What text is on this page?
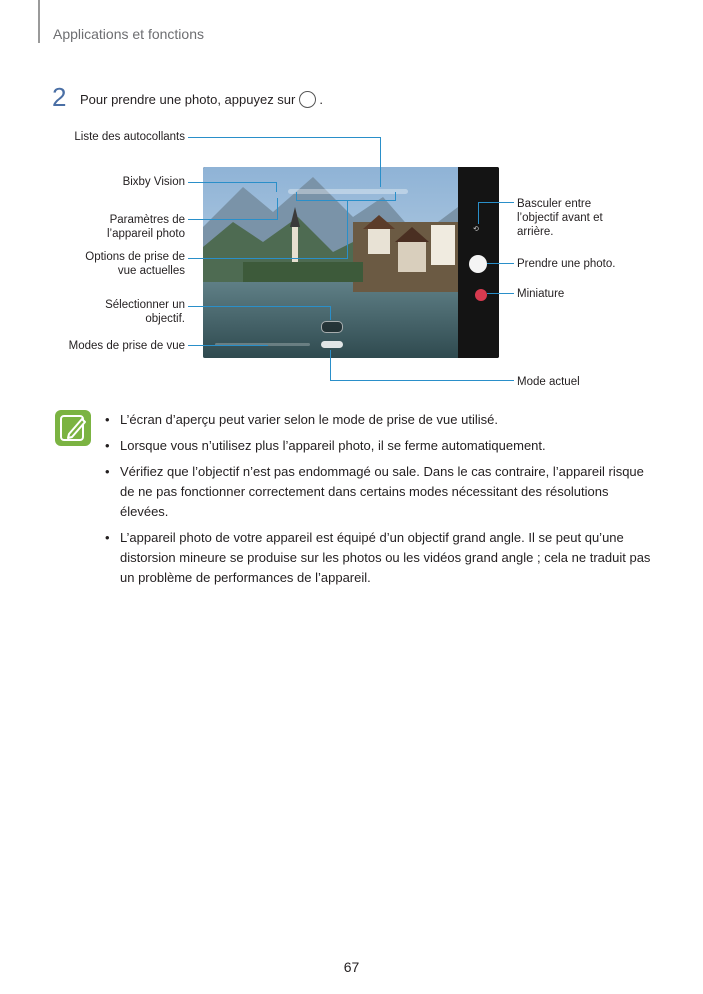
Applications et fonctions
2 Pour prendre une photo, appuyez sur .
⟲
Liste des autocollants
Bixby Vision
Paramètres de
l’appareil photo
Options de prise de
vue actuelles
Sélectionner un
objectif.
Modes de prise de vue
Basculer entre
l’objectif avant et
arrière.
Prendre une photo.
Miniature
Mode actuel
• L’écran d’aperçu peut varier selon le mode de prise de vue utilisé.
• Lorsque vous n’utilisez plus l’appareil photo, il se ferme automatiquement.
• Vérifiez que l’objectif n’est pas endommagé ou sale. Dans le cas contraire, l’appareil risque de ne pas fonctionner correctement dans certains modes nécessitant des résolutions élevées.
• L’appareil photo de votre appareil est équipé d’un objectif grand angle. Il se peut qu’une distorsion mineure se produise sur les photos ou les vidéos grand angle ; cela ne traduit pas un problème de performances de l’appareil.
67
